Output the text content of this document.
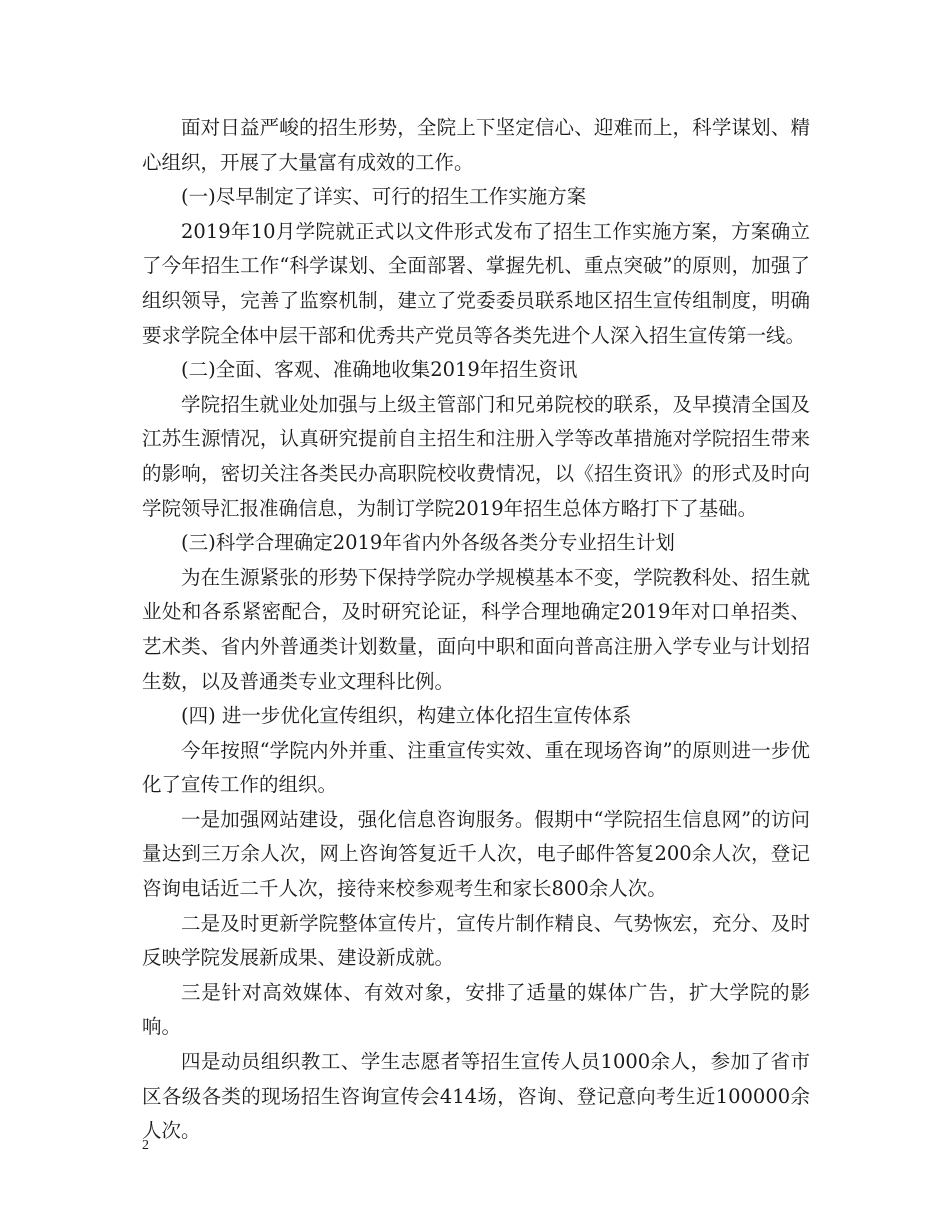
面对日益严峻的招生形势，全院上下坚定信心、迎难而上，科学谋划、精心组织，开展了大量富有成效的工作。

(一)尽早制定了详实、可行的招生工作实施方案

2019年10月学院就正式以文件形式发布了招生工作实施方案，方案确立了今年招生工作“科学谋划、全面部署、掌握先机、重点突破”的原则，加强了组织领导，完善了监察机制，建立了党委委员联系地区招生宣传组制度，明确要求学院全体中层干部和优秀共产党员等各类先进个人深入招生宣传第一线。

(二)全面、客观、准确地收集2019年招生资讯

学院招生就业处加强与上级主管部门和兄弟院校的联系，及早摸清全国及江苏生源情况，认真研究提前自主招生和注册入学等改革措施对学院招生带来的影响，密切关注各类民办高职院校收费情况，以《招生资讯》的形式及时向学院领导汇报准确信息，为制订学院2019年招生总体方略打下了基础。

(三)科学合理确定2019年省内外各级各类分专业招生计划

为在生源紧张的形势下保持学院办学规模基本不变，学院教科处、招生就业处和各系紧密配合，及时研究论证，科学合理地确定2019年对口单招类、艺术类、省内外普通类计划数量，面向中职和面向普高注册入学专业与计划招生数，以及普通类专业文理科比例。

(四) 进一步优化宣传组织，构建立体化招生宣传体系

今年按照“学院内外并重、注重宣传实效、重在现场咨询”的原则进一步优化了宣传工作的组织。

一是加强网站建设，强化信息咨询服务。假期中“学院招生信息网”的访问量达到三万余人次，网上咨询答复近千人次，电子邮件答复200余人次，登记咨询电话近二千人次，接待来校参观考生和家长800余人次。

二是及时更新学院整体宣传片，宣传片制作精良、气势恢宏，充分、及时反映学院发展新成果、建设新成就。

三是针对高效媒体、有效对象，安排了适量的媒体广告，扩大学院的影响。

四是动员组织教工、学生志愿者等招生宣传人员1000余人，参加了省市区各级各类的现场招生咨询宣传会414场，咨询、登记意向考生近100000余人次。

2
